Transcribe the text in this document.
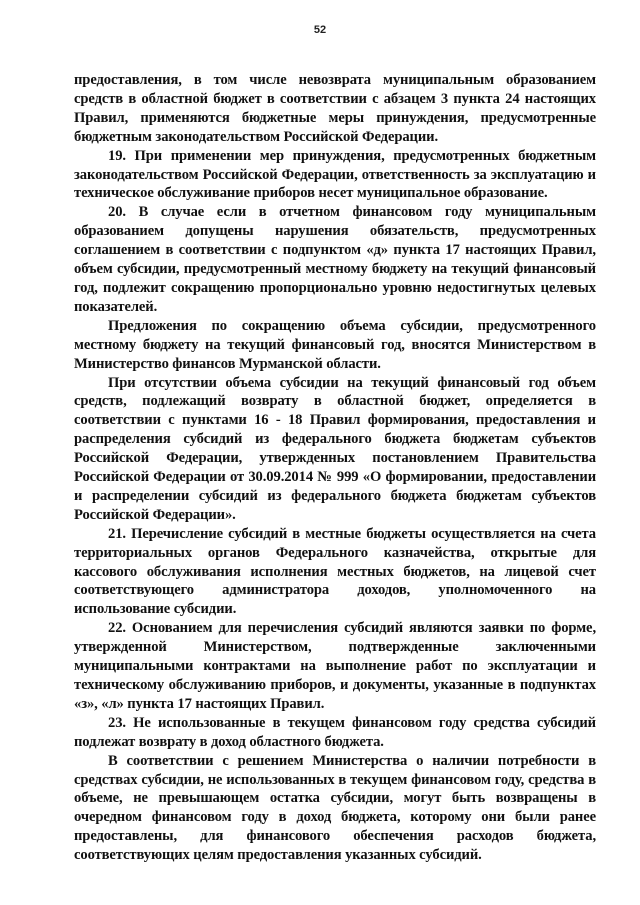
52

предоставления, в том числе невозврата муниципальным образованием средств в областной бюджет в соответствии с абзацем 3 пункта 24 настоящих Правил, применяются бюджетные меры принуждения, предусмотренные бюджетным законодательством Российской Федерации.

19. При применении мер принуждения, предусмотренных бюджетным законодательством Российской Федерации, ответственность за эксплуатацию и техническое обслуживание приборов несет муниципальное образование.

20. В случае если в отчетном финансовом году муниципальным образованием допущены нарушения обязательств, предусмотренных соглашением в соответствии с подпунктом «д» пункта 17 настоящих Правил, объем субсидии, предусмотренный местному бюджету на текущий финансовый год, подлежит сокращению пропорционально уровню недостигнутых целевых показателей.

Предложения по сокращению объема субсидии, предусмотренного местному бюджету на текущий финансовый год, вносятся Министерством в Министерство финансов Мурманской области.

При отсутствии объема субсидии на текущий финансовый год объем средств, подлежащий возврату в областной бюджет, определяется в соответствии с пунктами 16 - 18 Правил формирования, предоставления и распределения субсидий из федерального бюджета бюджетам субъектов Российской Федерации, утвержденных постановлением Правительства Российской Федерации от 30.09.2014 № 999 «О формировании, предоставлении и распределении субсидий из федерального бюджета бюджетам субъектов Российской Федерации».

21. Перечисление субсидий в местные бюджеты осуществляется на счета территориальных органов Федерального казначейства, открытые для кассового обслуживания исполнения местных бюджетов, на лицевой счет соответствующего администратора доходов, уполномоченного на использование субсидии.

22. Основанием для перечисления субсидий являются заявки по форме, утвержденной Министерством, подтвержденные заключенными муниципальными контрактами на выполнение работ по эксплуатации и техническому обслуживанию приборов, и документы, указанные в подпунктах «з», «л» пункта 17 настоящих Правил.

23. Не использованные в текущем финансовом году средства субсидий подлежат возврату в доход областного бюджета.

В соответствии с решением Министерства о наличии потребности в средствах субсидии, не использованных в текущем финансовом году, средства в объеме, не превышающем остатка субсидии, могут быть возвращены в очередном финансовом году в доход бюджета, которому они были ранее предоставлены, для финансового обеспечения расходов бюджета, соответствующих целям предоставления указанных субсидий.
